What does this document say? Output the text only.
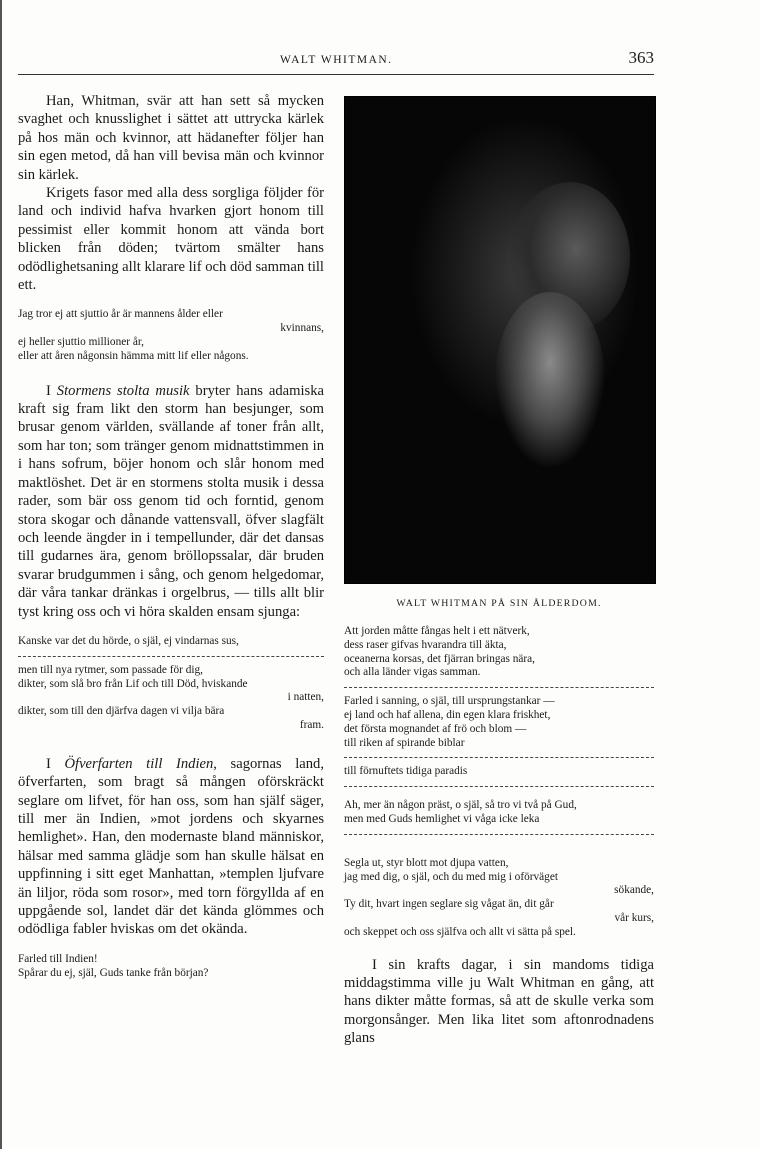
WALT WHITMAN.	363

Han, Whitman, svär att han sett så mycken svaghet och knusslighet i sättet att uttrycka kärlek på hos män och kvinnor, att hädanefter följer han sin egen metod, då han vill bevisa män och kvinnor sin kärlek.

Krigets fasor med alla dess sorgliga följder för land och individ hafva hvarken gjort honom till pessimist eller kommit honom att vända bort blicken från döden; tvärtom smälter hans odödlighetsaning allt klarare lif och död samman till ett.

Jag tror ej att sjuttio år är mannens ålder eller
kvinnans,
ej heller sjuttio millioner år,
eller att åren någonsin hämma mitt lif eller någons.

I Stormens stolta musik bryter hans adamiska kraft sig fram likt den storm han besjunger, som brusar genom världen, svällande af toner från allt, som har ton; som tränger genom midnattstimmen in i hans sofrum, böjer honom och slår honom med maktlöshet. Det är en stormens stolta musik i dessa rader, som bär oss genom tid och forntid, genom stora skogar och dånande vattensvall, öfver slagfält och leende ängder in i tempellunder, där det dansas till gudarnes ära, genom bröllopssalar, där bruden svarar brudgummen i sång, och genom helgedomar, där våra tankar dränkas i orgelbrus, — tills allt blir tyst kring oss och vi höra skalden ensam sjunga:

Kanske var det du hörde, o själ, ej vindarnas sus,
men till nya rytmer, som passade för dig,
dikter, som slå bro från Lif och till Död, hviskande
i natten,
dikter, som till den djärfva dagen vi vilja bära
fram.

I Öfverfarten till Indien, sagornas land, öfverfarten, som bragt så mången oförskräckt seglare om lifvet, för han oss, som han själf säger, till mer än Indien, »mot jordens och skyarnes hemlighet». Han, den modernaste bland människor, hälsar med samma glädje som han skulle hälsat en uppfinning i sitt eget Manhattan, »templen ljufvare än liljor, röda som rosor», med torn förgyllda af en uppgående sol, landet där det kända glömmes och odödliga fabler hviskas om det okända.

Farled till Indien!
Spårar du ej, själ, Guds tanke från början?
WALT WHITMAN PÅ SIN ÅLDERDOM.
Att jorden måtte fångas helt i ett nätverk,
dess raser gifvas hvarandra till äkta,
oceanerna korsas, det fjärran bringas nära,
och alla länder vigas samman.
Farled i sanning, o själ, till ursprungstankar —
ej land och haf allena, din egen klara friskhet,
det första mognandet af frö och blom —
till riken af spirande biblar
till förnuftets tidiga paradis
Ah, mer än någon präst, o själ, så tro vi två på Gud,
men med Guds hemlighet vi våga icke leka
Segla ut, styr blott mot djupa vatten,
jag med dig, o själ, och du med mig i oförväget
sökande,
Ty dit, hvart ingen seglare sig vågat än, dit går
vår kurs,
och skeppet och oss själfva och allt vi sätta på spel.

I sin krafts dagar, i sin mandoms tidiga middagstimma ville ju Walt Whitman en gång, att hans dikter måtte formas, så att de skulle verka som morgonsånger. Men lika litet som aftonrodnadens glans
